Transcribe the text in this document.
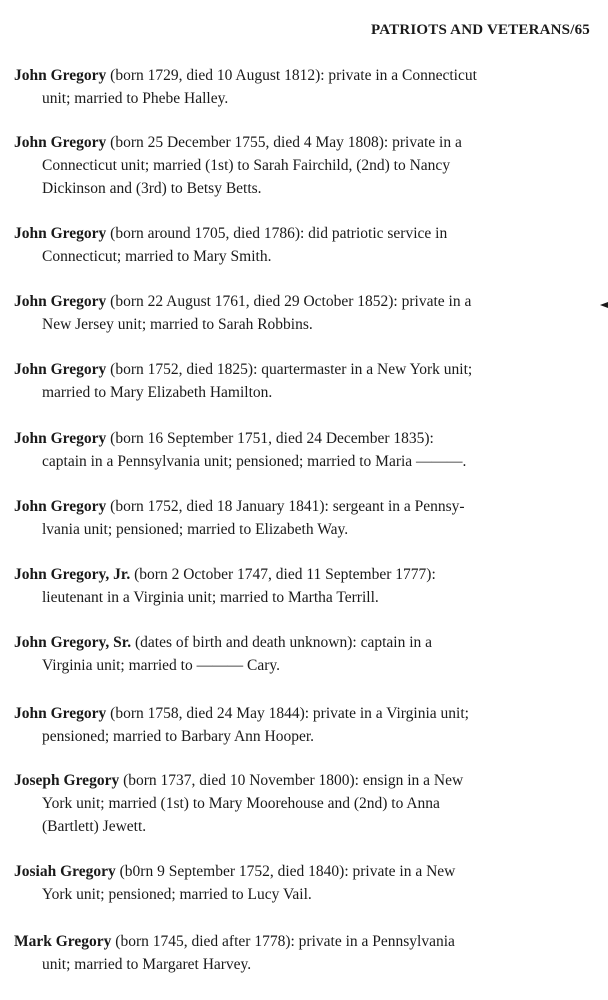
PATRIOTS AND VETERANS/65
John Gregory (born 1729, died 10 August 1812): private in a Connecticut
unit; married to Phebe Halley.
John Gregory (born 25 December 1755, died 4 May 1808): private in a
Connecticut unit; married (1st) to Sarah Fairchild, (2nd) to Nancy
Dickinson and (3rd) to Betsy Betts.
John Gregory (born around 1705, died 1786): did patriotic service in
Connecticut; married to Mary Smith.
John Gregory (born 22 August 1761, died 29 October 1852): private in a
New Jersey unit; married to Sarah Robbins.
John Gregory (born 1752, died 1825): quartermaster in a New York unit;
married to Mary Elizabeth Hamilton.
John Gregory (born 16 September 1751, died 24 December 1835):
captain in a Pennsylvania unit; pensioned; married to Maria ———.
John Gregory (born 1752, died 18 January 1841): sergeant in a Pennsy-
lvania unit; pensioned; married to Elizabeth Way.
John Gregory, Jr. (born 2 October 1747, died 11 September 1777):
lieutenant in a Virginia unit; married to Martha Terrill.
John Gregory, Sr. (dates of birth and death unknown): captain in a
Virginia unit; married to ——— Cary.
John Gregory (born 1758, died 24 May 1844): private in a Virginia unit;
pensioned; married to Barbary Ann Hooper.
Joseph Gregory (born 1737, died 10 November 1800): ensign in a New
York unit; married (1st) to Mary Moorehouse and (2nd) to Anna
(Bartlett) Jewett.
Josiah Gregory (b0rn 9 September 1752, died 1840): private in a New
York unit; pensioned; married to Lucy Vail.
Mark Gregory (born 1745, died after 1778): private in a Pennsylvania
unit; married to Margaret Harvey.
